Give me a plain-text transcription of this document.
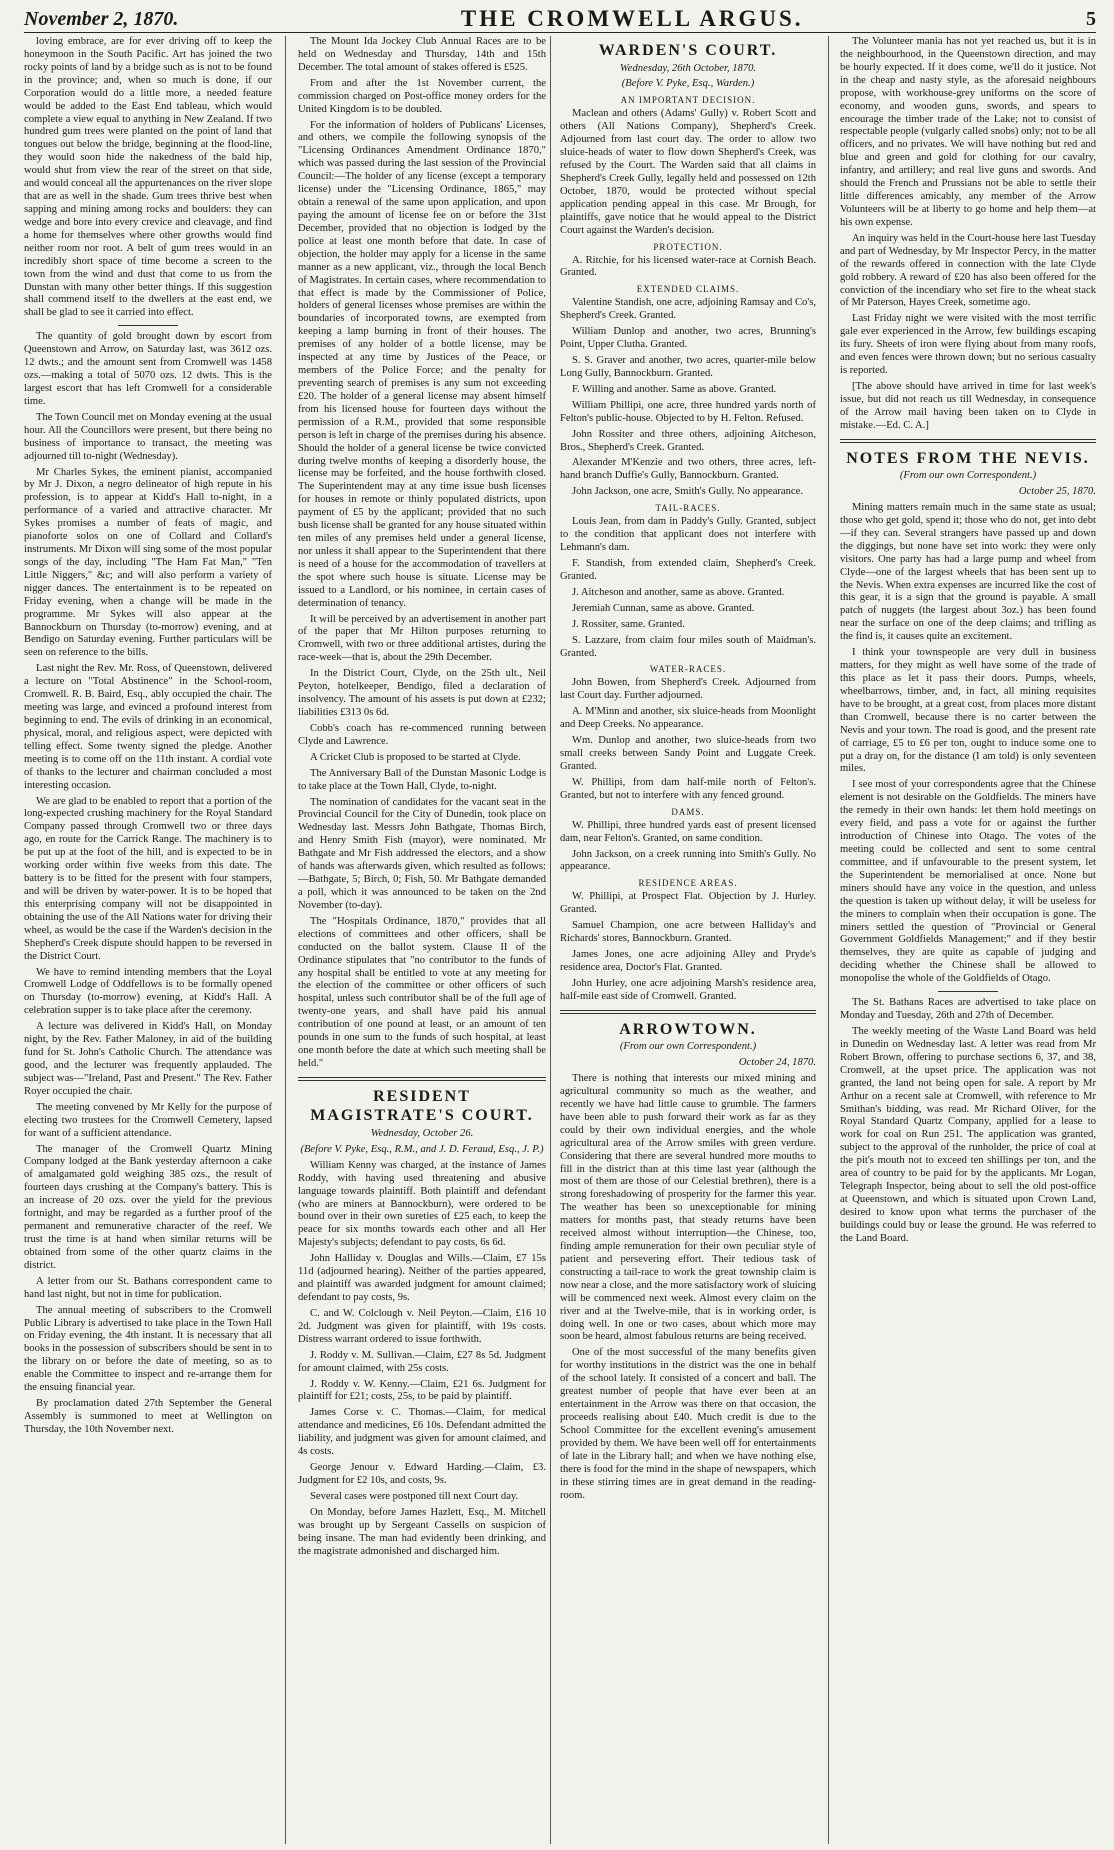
November 2, 1870.	THE CROMWELL ARGUS.	5

loving embrace, are for ever driving off to keep the honeymoon in the South Pacific. Art has joined the two rocky points of land by a bridge such as is not to be found in the province; and, when so much is done, if our Corporation would do a little more, a needed feature would be added to the East End tableau, which would complete a view equal to anything in New Zealand. If two hundred gum trees were planted on the point of land that tongues out below the bridge, beginning at the flood-line, they would soon hide the nakedness of the bald hip, would shut from view the rear of the street on that side, and would conceal all the appurtenances on the river slope that are as well in the shade. Gum trees thrive best when sapping and mining among rocks and boulders: they can wedge and bore into every crevice and cleavage, and find a home for themselves where other growths would find neither room nor root. A belt of gum trees would in an incredibly short space of time become a screen to the town from the wind and dust that come to us from the Dunstan with many other better things. If this suggestion shall commend itself to the dwellers at the east end, we shall be glad to see it carried into effect.

The quantity of gold brought down by escort from Queenstown and Arrow, on Saturday last, was 3612 ozs. 12 dwts.; and the amount sent from Cromwell was 1458 ozs.—making a total of 5070 ozs. 12 dwts. This is the largest escort that has left Cromwell for a considerable time.

The Town Council met on Monday evening at the usual hour. All the Councillors were present, but there being no business of importance to transact, the meeting was adjourned till to-night (Wednesday).

Mr Charles Sykes, the eminent pianist, accompanied by Mr J. Dixon, a negro delineator of high repute in his profession, is to appear at Kidd's Hall to-night, in a performance of a varied and attractive character. Mr Sykes promises a number of feats of magic, and pianoforte solos on one of Collard and Collard's instruments. Mr Dixon will sing some of the most popular songs of the day, including "The Ham Fat Man," "Ten Little Niggers," &c; and will also perform a variety of nigger dances. The entertainment is to be repeated on Friday evening, when a change will be made in the programme. Mr Sykes will also appear at the Bannockburn on Thursday (to-morrow) evening, and at Bendigo on Saturday evening. Further particulars will be seen on reference to the bills.

Last night the Rev. Mr. Ross, of Queenstown, delivered a lecture on "Total Abstinence" in the School-room, Cromwell. R. B. Baird, Esq., ably occupied the chair. The meeting was large, and evinced a profound interest from beginning to end. The evils of drinking in an economical, physical, moral, and religious aspect, were depicted with telling effect. Some twenty signed the pledge. Another meeting is to come off on the 11th instant. A cordial vote of thanks to the lecturer and chairman concluded a most interesting occasion.

We are glad to be enabled to report that a portion of the long-expected crushing machinery for the Royal Standard Company passed through Cromwell two or three days ago, en route for the Carrick Range. The machinery is to be put up at the foot of the hill, and is expected to be in working order within five weeks from this date. The battery is to be fitted for the present with four stampers, and will be driven by water-power. It is to be hoped that this enterprising company will not be disappointed in obtaining the use of the All Nations water for driving their wheel, as would be the case if the Warden's decision in the Shepherd's Creek dispute should happen to be reversed in the District Court.

We have to remind intending members that the Loyal Cromwell Lodge of Oddfellows is to be formally opened on Thursday (to-morrow) evening, at Kidd's Hall. A celebration supper is to take place after the ceremony.

A lecture was delivered in Kidd's Hall, on Monday night, by the Rev. Father Maloney, in aid of the building fund for St. John's Catholic Church. The attendance was good, and the lecturer was frequently applauded. The subject was—"Ireland, Past and Present." The Rev. Father Royer occupied the chair.

The meeting convened by Mr Kelly for the purpose of electing two trustees for the Cromwell Cemetery, lapsed for want of a sufficient attendance.

The manager of the Cromwell Quartz Mining Company lodged at the Bank yesterday afternoon a cake of amalgamated gold weighing 385 ozs., the result of fourteen days crushing at the Company's battery. This is an increase of 20 ozs. over the yield for the previous fortnight, and may be regarded as a further proof of the permanent and remunerative character of the reef. We trust the time is at hand when similar returns will be obtained from some of the other quartz claims in the district.

A letter from our St. Bathans correspondent came to hand last night, but not in time for publication.

The annual meeting of subscribers to the Cromwell Public Library is advertised to take place in the Town Hall on Friday evening, the 4th instant. It is necessary that all books in the possession of subscribers should be sent in to the library on or before the date of meeting, so as to enable the Committee to inspect and re-arrange them for the ensuing financial year.

By proclamation dated 27th September the General Assembly is summoned to meet at Wellington on Thursday, the 10th November next.

The Mount Ida Jockey Club Annual Races are to be held on Wednesday and Thursday, 14th and 15th December. The total amount of stakes offered is £525.

From and after the 1st November current, the commission charged on Post-office money orders for the United Kingdom is to be doubled.

For the information of holders of Publicans' Licenses, and others, we compile the following synopsis of the "Licensing Ordinances Amendment Ordinance 1870," which was passed during the last session of the Provincial Council:—The holder of any license (except a temporary license) under the "Licensing Ordinance, 1865," may obtain a renewal of the same upon application, and upon paying the amount of license fee on or before the 31st December, provided that no objection is lodged by the police at least one month before that date. In case of objection, the holder may apply for a license in the same manner as a new applicant, viz., through the local Bench of Magistrates. In certain cases, where recommendation to that effect is made by the Commissioner of Police, holders of general licenses whose premises are within the boundaries of incorporated towns, are exempted from keeping a lamp burning in front of their houses. The premises of any holder of a bottle license, may be inspected at any time by Justices of the Peace, or members of the Police Force; and the penalty for preventing search of premises is any sum not exceeding £20. The holder of a general license may absent himself from his licensed house for fourteen days without the permission of a R.M., provided that some responsible person is left in charge of the premises during his absence. Should the holder of a general license be twice convicted during twelve months of keeping a disorderly house, the license may be forfeited, and the house forthwith closed. The Superintendent may at any time issue bush licenses for houses in remote or thinly populated districts, upon payment of £5 by the applicant; provided that no such bush license shall be granted for any house situated within ten miles of any premises held under a general license, nor unless it shall appear to the Superintendent that there is need of a house for the accommodation of travellers at the spot where such house is situate. License may be issued to a Landlord, or his nominee, in certain cases of determination of tenancy.

It will be perceived by an advertisement in another part of the paper that Mr Hilton purposes returning to Cromwell, with two or three additional artistes, during the race-week—that is, about the 29th December.

In the District Court, Clyde, on the 25th ult., Neil Peyton, hotelkeeper, Bendigo, filed a declaration of insolvency. The amount of his assets is put down at £232; liabilities £313 0s 6d.

Cobb's coach has re-commenced running between Clyde and Lawrence.

A Cricket Club is proposed to be started at Clyde.

The Anniversary Ball of the Dunstan Masonic Lodge is to take place at the Town Hall, Clyde, to-night.

The nomination of candidates for the vacant seat in the Provincial Council for the City of Dunedin, took place on Wednesday last. Messrs John Bathgate, Thomas Birch, and Henry Smith Fish (mayor), were nominated. Mr Bathgate and Mr Fish addressed the electors, and a show of hands was afterwards given, which resulted as follows:—Bathgate, 5; Birch, 0; Fish, 50. Mr Bathgate demanded a poll, which it was announced to be taken on the 2nd November (to-day).

The "Hospitals Ordinance, 1870," provides that all elections of committees and other officers, shall be conducted on the ballot system. Clause II of the Ordinance stipulates that "no contributor to the funds of any hospital shall be entitled to vote at any meeting for the election of the committee or other officers of such hospital, unless such contributor shall be of the full age of twenty-one years, and shall have paid his annual contribution of one pound at least, or an amount of ten pounds in one sum to the funds of such hospital, at least one month before the date at which such meeting shall be held."

RESIDENT MAGISTRATE'S COURT.

Wednesday, October 26.

(Before V. Pyke, Esq., R.M., and J. D. Feraud, Esq., J. P.)

William Kenny was charged, at the instance of James Roddy, with having used threatening and abusive language towards plaintiff. Both plaintiff and defendant (who are miners at Bannockburn), were ordered to be bound over in their own sureties of £25 each, to keep the peace for six months towards each other and all Her Majesty's subjects; defendant to pay costs, 6s 6d.

John Halliday v. Douglas and Wills.—Claim, £7 15s 11d (adjourned hearing). Neither of the parties appeared, and plaintiff was awarded judgment for amount claimed; defendant to pay costs, 9s.

C. and W. Colclough v. Neil Peyton.—Claim, £16 10 2d. Judgment was given for plaintiff, with 19s costs. Distress warrant ordered to issue forthwith.

J. Roddy v. M. Sullivan.—Claim, £27 8s 5d. Judgment for amount claimed, with 25s costs.

J. Roddy v. W. Kenny.—Claim, £21 6s. Judgment for plaintiff for £21; costs, 25s, to be paid by plaintiff.

James Corse v. C. Thomas.—Claim, for medical attendance and medicines, £6 10s. Defendant admitted the liability, and judgment was given for amount claimed, and 4s costs.

George Jenour v. Edward Harding.—Claim, £3. Judgment for £2 10s, and costs, 9s.

Several cases were postponed till next Court day.

On Monday, before James Hazlett, Esq., M. Mitchell was brought up by Sergeant Cassells on suspicion of being insane. The man had evidently been drinking, and the magistrate admonished and discharged him.

WARDEN'S COURT.

Wednesday, 26th October, 1870.

(Before V. Pyke, Esq., Warden.)

AN IMPORTANT DECISION.

Maclean and others (Adams' Gully) v. Robert Scott and others (All Nations Company), Shepherd's Creek. Adjourned from last court day. The order to allow two sluice-heads of water to flow down Shepherd's Creek, was refused by the Court. The Warden said that all claims in Shepherd's Creek Gully, legally held and possessed on 12th October, 1870, would be protected without special application pending appeal in this case. Mr Brough, for plaintiffs, gave notice that he would appeal to the District Court against the Warden's decision.

PROTECTION.

A. Ritchie, for his licensed water-race at Cornish Beach. Granted.

EXTENDED CLAIMS.

Valentine Standish, one acre, adjoining Ramsay and Co's, Shepherd's Creek. Granted.

William Dunlop and another, two acres, Brunning's Point, Upper Clutha. Granted.

S. S. Graver and another, two acres, quarter-mile below Long Gully, Bannockburn. Granted.

F. Willing and another. Same as above. Granted.

William Phillipi, one acre, three hundred yards north of Felton's public-house. Objected to by H. Felton. Refused.

John Rossiter and three others, adjoining Aitcheson, Bros., Shepherd's Creek. Granted.

Alexander M'Kenzie and two others, three acres, left-hand branch Duffie's Gully, Bannockburn. Granted.

John Jackson, one acre, Smith's Gully. No appearance.

TAIL-RACES.

Louis Jean, from dam in Paddy's Gully. Granted, subject to the condition that applicant does not interfere with Lehmann's dam.

F. Standish, from extended claim, Shepherd's Creek. Granted.

J. Aitcheson and another, same as above. Granted.

Jeremiah Cunnan, same as above. Granted.

J. Rossiter, same. Granted.

S. Lazzare, from claim four miles south of Maidman's. Granted.

WATER-RACES.

John Bowen, from Shepherd's Creek. Adjourned from last Court day. Further adjourned.

A. M'Minn and another, six sluice-heads from Moonlight and Deep Creeks. No appearance.

Wm. Dunlop and another, two sluice-heads from two small creeks between Sandy Point and Luggate Creek. Granted.

W. Phillipi, from dam half-mile north of Felton's. Granted, but not to interfere with any fenced ground.

DAMS.

W. Phillipi, three hundred yards east of present licensed dam, near Felton's. Granted, on same condition.

John Jackson, on a creek running into Smith's Gully. No appearance.

RESIDENCE AREAS.

W. Phillipi, at Prospect Flat. Objection by J. Hurley. Granted.

Samuel Champion, one acre between Halliday's and Richards' stores, Bannockburn. Granted.

James Jones, one acre adjoining Alley and Pryde's residence area, Doctor's Flat. Granted.

John Hurley, one acre adjoining Marsh's residence area, half-mile east side of Cromwell. Granted.

ARROWTOWN.

(From our own Correspondent.)

October 24, 1870.

There is nothing that interests our mixed mining and agricultural community so much as the weather, and recently we have had little cause to grumble. The farmers have been able to push forward their work as far as they could by their own individual energies, and the whole agricultural area of the Arrow smiles with green verdure. Considering that there are several hundred more mouths to fill in the district than at this time last year (although the most of them are those of our Celestial brethren), there is a strong foreshadowing of prosperity for the farmer this year. The weather has been so unexceptionable for mining matters for months past, that steady returns have been received almost without interruption—the Chinese, too, finding ample remuneration for their own peculiar style of patient and persevering effort. Their tedious task of constructing a tail-race to work the great township claim is now near a close, and the more satisfactory work of sluicing will be commenced next week. Almost every claim on the river and at the Twelve-mile, that is in working order, is doing well. In one or two cases, about which more may soon be heard, almost fabulous returns are being received.

One of the most successful of the many benefits given for worthy institutions in the district was the one in behalf of the school lately. It consisted of a concert and ball. The greatest number of people that have ever been at an entertainment in the Arrow was there on that occasion, the proceeds realising about £40. Much credit is due to the School Committee for the excellent evening's amusement provided by them. We have been well off for entertainments of late in the Library hall; and when we have nothing else, there is food for the mind in the shape of newspapers, which in these stirring times are in great demand in the reading-room.

The Volunteer mania has not yet reached us, but it is in the neighbourhood, in the Queenstown direction, and may be hourly expected. If it does come, we'll do it justice. Not in the cheap and nasty style, as the aforesaid neighbours propose, with workhouse-grey uniforms on the score of economy, and wooden guns, swords, and spears to encourage the timber trade of the Lake; not to consist of respectable people (vulgarly called snobs) only; not to be all officers, and no privates. We will have nothing but red and blue and green and gold for clothing for our cavalry, infantry, and artillery; and real live guns and swords. And should the French and Prussians not be able to settle their little differences amicably, any member of the Arrow Volunteers will be at liberty to go home and help them—at his own expense.

An inquiry was held in the Court-house here last Tuesday and part of Wednesday, by Mr Inspector Percy, in the matter of the rewards offered in connection with the late Clyde gold robbery. A reward of £20 has also been offered for the conviction of the incendiary who set fire to the wheat stack of Mr Paterson, Hayes Creek, sometime ago.

Last Friday night we were visited with the most terrific gale ever experienced in the Arrow, few buildings escaping its fury. Sheets of iron were flying about from many roofs, and even fences were thrown down; but no serious casualty is reported.

[The above should have arrived in time for last week's issue, but did not reach us till Wednesday, in consequence of the Arrow mail having been taken on to Clyde in mistake.—Ed. C. A.]

NOTES FROM THE NEVIS.

(From our own Correspondent.)

October 25, 1870.

Mining matters remain much in the same state as usual; those who get gold, spend it; those who do not, get into debt—if they can. Several strangers have passed up and down the diggings, but none have set into work: they were only visitors. One party has had a large pump and wheel from Clyde—one of the largest wheels that has been sent up to the Nevis. When extra expenses are incurred like the cost of this gear, it is a sign that the ground is payable. A small patch of nuggets (the largest about 3oz.) has been found near the surface on one of the deep claims; and trifling as the find is, it causes quite an excitement.

I think your townspeople are very dull in business matters, for they might as well have some of the trade of this place as let it pass their doors. Pumps, wheels, wheelbarrows, timber, and, in fact, all mining requisites have to be brought, at a great cost, from places more distant than Cromwell, because there is no carter between the Nevis and your town. The road is good, and the present rate of carriage, £5 to £6 per ton, ought to induce some one to put a dray on, for the distance (I am told) is only seventeen miles.

I see most of your correspondents agree that the Chinese element is not desirable on the Goldfields. The miners have the remedy in their own hands: let them hold meetings on every field, and pass a vote for or against the further introduction of Chinese into Otago. The votes of the meeting could be collected and sent to some central committee, and if unfavourable to the present system, let the Superintendent be memorialised at once. None but miners should have any voice in the question, and unless the question is taken up without delay, it will be useless for the miners to complain when their occupation is gone. The miners settled the question of "Provincial or General Government Goldfields Management;" and if they bestir themselves, they are quite as capable of judging and deciding whether the Chinese shall be allowed to monopolise the whole of the Goldfields of Otago.

The St. Bathans Races are advertised to take place on Monday and Tuesday, 26th and 27th of December.

The weekly meeting of the Waste Land Board was held in Dunedin on Wednesday last. A letter was read from Mr Robert Brown, offering to purchase sections 6, 37, and 38, Cromwell, at the upset price. The application was not granted, the land not being open for sale. A report by Mr Arthur on a recent sale at Cromwell, with reference to Mr Smithan's bidding, was read. Mr Richard Oliver, for the Royal Standard Quartz Company, applied for a lease to work for coal on Run 251. The application was granted, subject to the approval of the runholder, the price of coal at the pit's mouth not to exceed ten shillings per ton, and the area of country to be paid for by the applicants. Mr Logan, Telegraph Inspector, being about to sell the old post-office at Queenstown, and which is situated upon Crown Land, desired to know upon what terms the purchaser of the buildings could buy or lease the ground. He was referred to the Land Board.
